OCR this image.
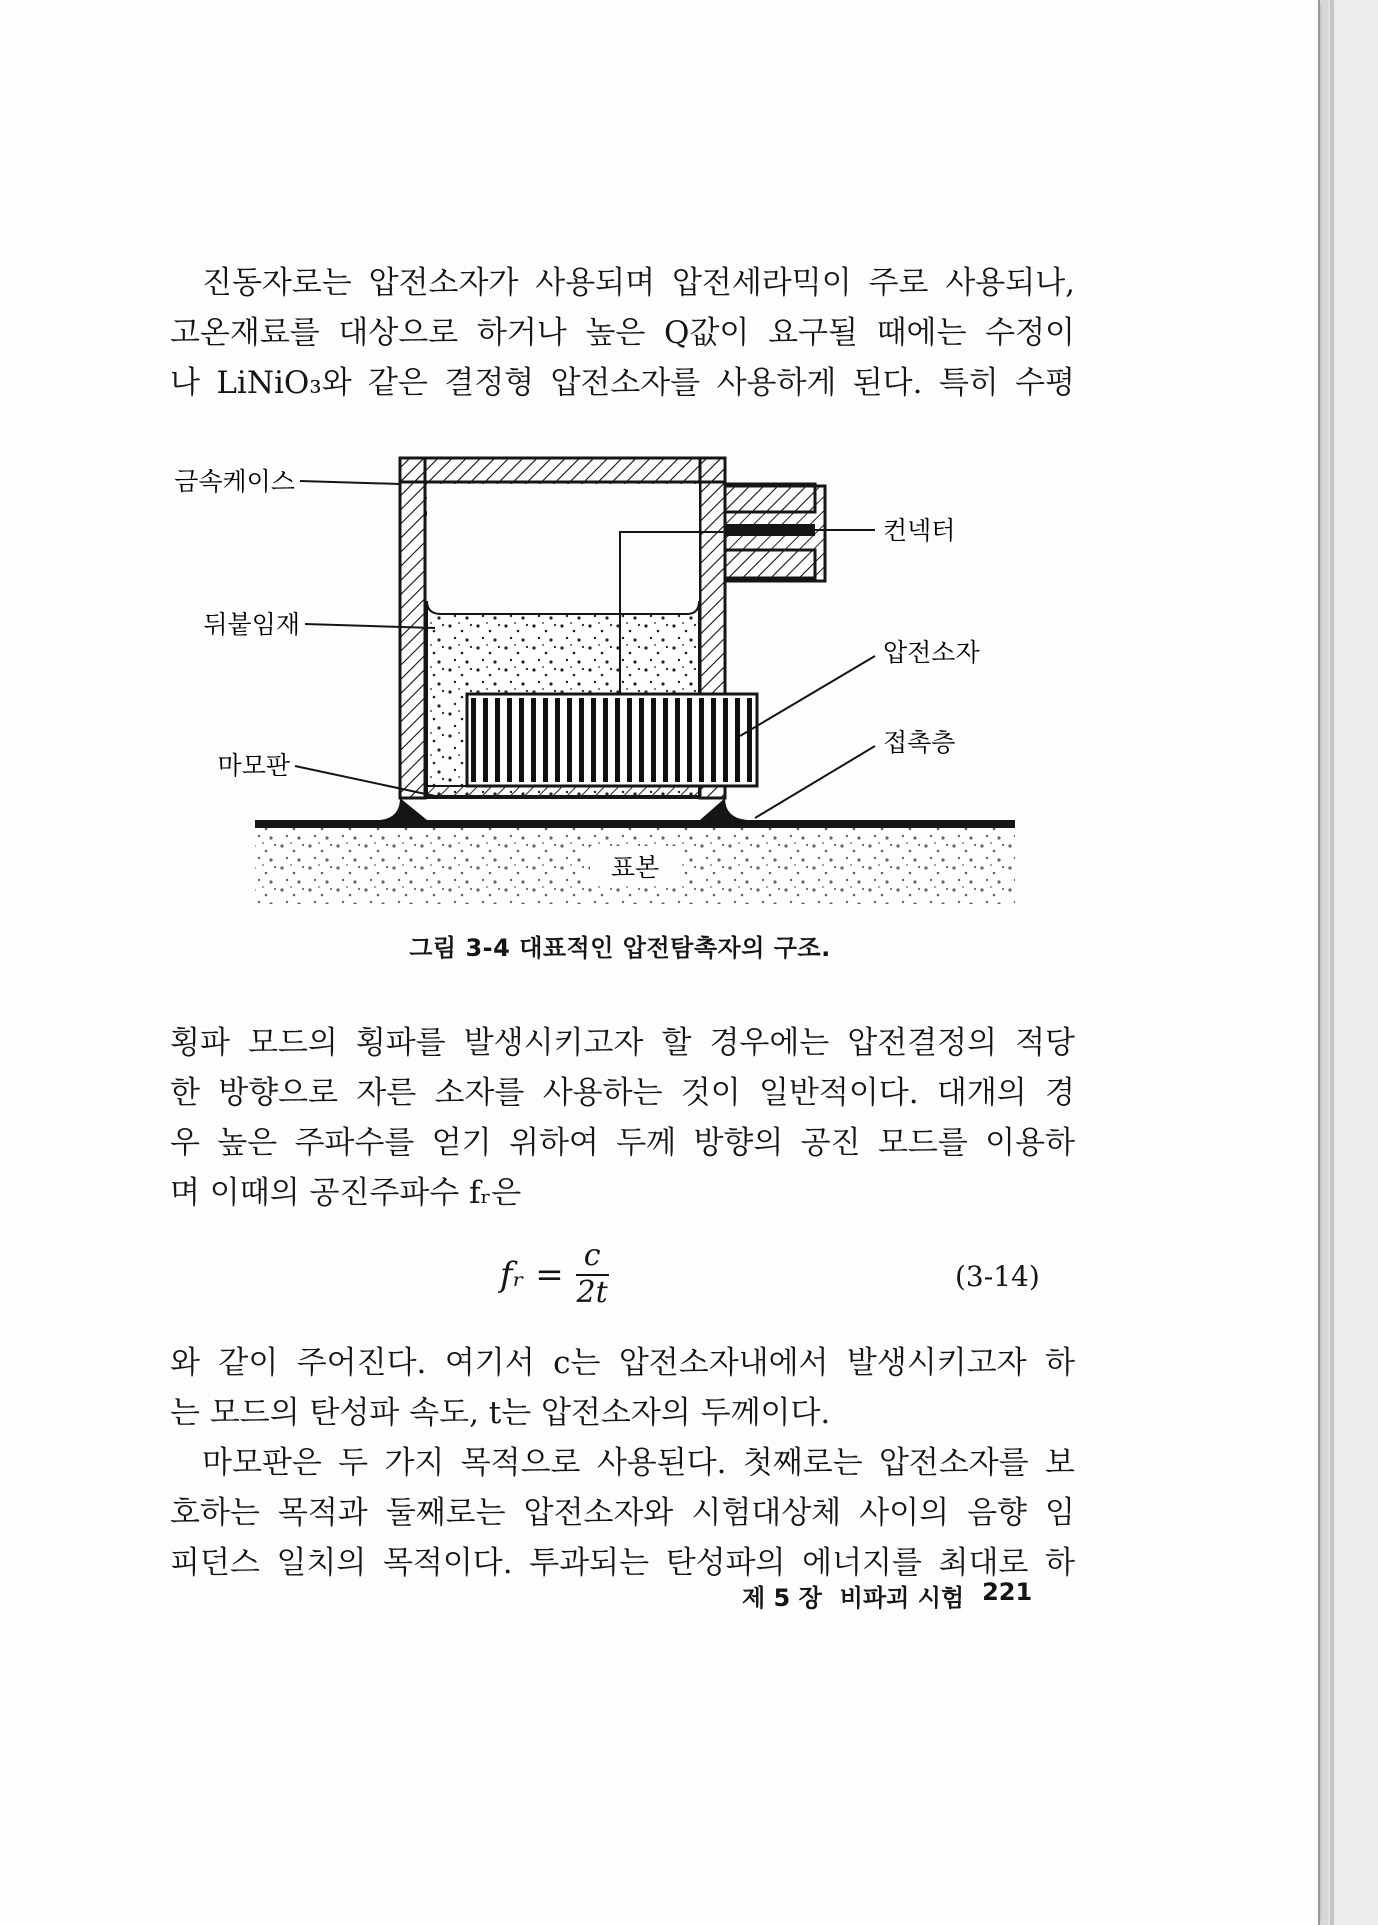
진동자로는 압전소자가 사용되며 압전세라믹이 주로 사용되나,
고온재료를 대상으로 하거나 높은 Q값이 요구될 때에는 수정이
나 LiNiO₃와 같은 결정형 압전소자를 사용하게 된다. 특히 수평
금속케이스
뒤붙임재
마모판
컨넥터
압전소자
접촉층
표본
그림 3-4 대표적인 압전탐촉자의 구조.
횡파 모드의 횡파를 발생시키고자 할 경우에는 압전결정의 적당
한 방향으로 자른 소자를 사용하는 것이 일반적이다. 대개의 경
우 높은 주파수를 얻기 위하여 두께 방향의 공진 모드를 이용하
며 이때의 공진주파수 fᵣ은
fᵣ = $\frac{c}{2t}$	(3-14)
와 같이 주어진다. 여기서 c는 압전소자내에서 발생시키고자 하
는 모드의 탄성파 속도, t는 압전소자의 두께이다.
마모판은 두 가지 목적으로 사용된다. 첫째로는 압전소자를 보
호하는 목적과 둘째로는 압전소자와 시험대상체 사이의 음향 임
피던스 일치의 목적이다. 투과되는 탄성파의 에너지를 최대로 하
제 5 장 비파괴 시험 221
